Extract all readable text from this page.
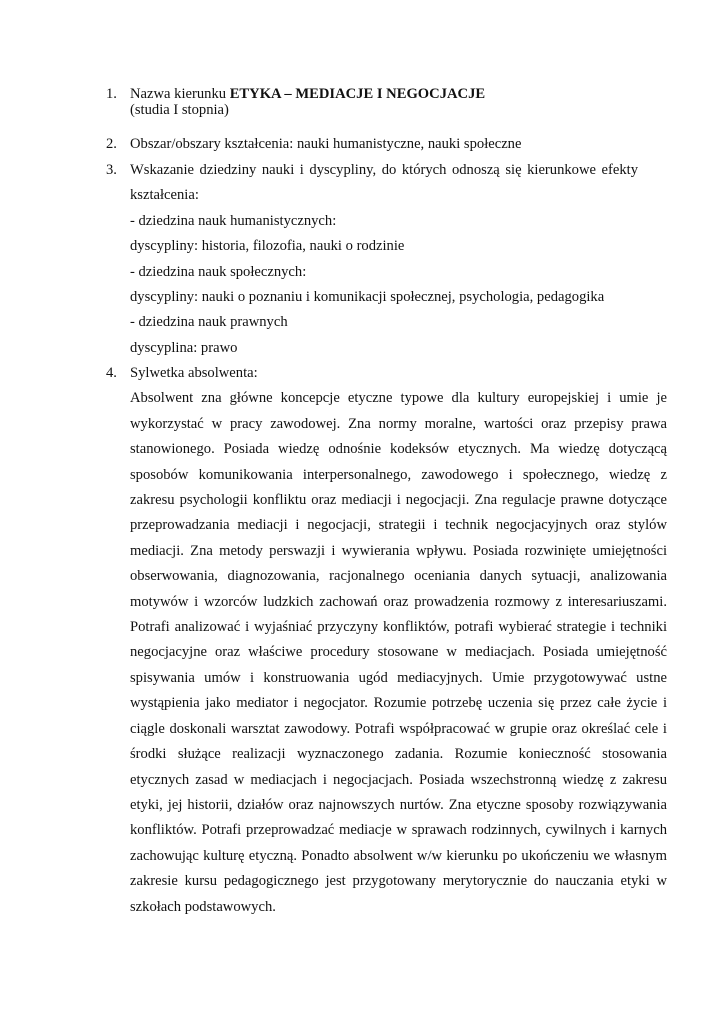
1. Nazwa kierunku ETYKA – MEDIACJE I NEGOCJACJE
(studia I stopnia)
2. Obszar/obszary kształcenia: nauki humanistyczne, nauki społeczne
3. Wskazanie dziedziny nauki i dyscypliny, do których odnoszą się kierunkowe efekty
kształcenia:
- dziedzina nauk humanistycznych:
dyscypliny: historia, filozofia, nauki o rodzinie
- dziedzina nauk społecznych:
dyscypliny: nauki o poznaniu i komunikacji społecznej, psychologia, pedagogika
- dziedzina nauk prawnych
dyscyplina: prawo
4. Sylwetka absolwenta:

Absolwent zna główne koncepcje etyczne typowe dla kultury europejskiej i umie je wykorzystać w pracy zawodowej. Zna normy moralne, wartości oraz przepisy prawa stanowionego. Posiada wiedzę odnośnie kodeksów etycznych. Ma wiedzę dotyczącą sposobów komunikowania interpersonalnego, zawodowego i społecznego, wiedzę z zakresu psychologii konfliktu oraz mediacji i negocjacji. Zna regulacje prawne dotyczące przeprowadzania mediacji i negocjacji, strategii i technik negocjacyjnych oraz stylów mediacji. Zna metody perswazji i wywierania wpływu. Posiada rozwinięte umiejętności obserwowania, diagnozowania, racjonalnego oceniania danych sytuacji, analizowania motywów i wzorców ludzkich zachowań oraz prowadzenia rozmowy z interesariuszami. Potrafi analizować i wyjaśniać przyczyny konfliktów, potrafi wybierać strategie i techniki negocjacyjne oraz właściwe procedury stosowane w mediacjach. Posiada umiejętność spisywania umów i konstruowania ugód mediacyjnych. Umie przygotowywać ustne wystąpienia jako mediator i negocjator. Rozumie potrzebę uczenia się przez całe życie i ciągle doskonali warsztat zawodowy. Potrafi współpracować w grupie oraz określać cele i środki służące realizacji wyznaczonego zadania. Rozumie konieczność stosowania etycznych zasad w mediacjach i negocjacjach. Posiada wszechstronną wiedzę z zakresu etyki, jej historii, działów oraz najnowszych nurtów. Zna etyczne sposoby rozwiązywania konfliktów. Potrafi przeprowadzać mediacje w sprawach rodzinnych, cywilnych i karnych zachowując kulturę etyczną. Ponadto absolwent w/w kierunku po ukończeniu we własnym zakresie kursu pedagogicznego jest przygotowany merytorycznie do nauczania etyki w szkołach podstawowych.
